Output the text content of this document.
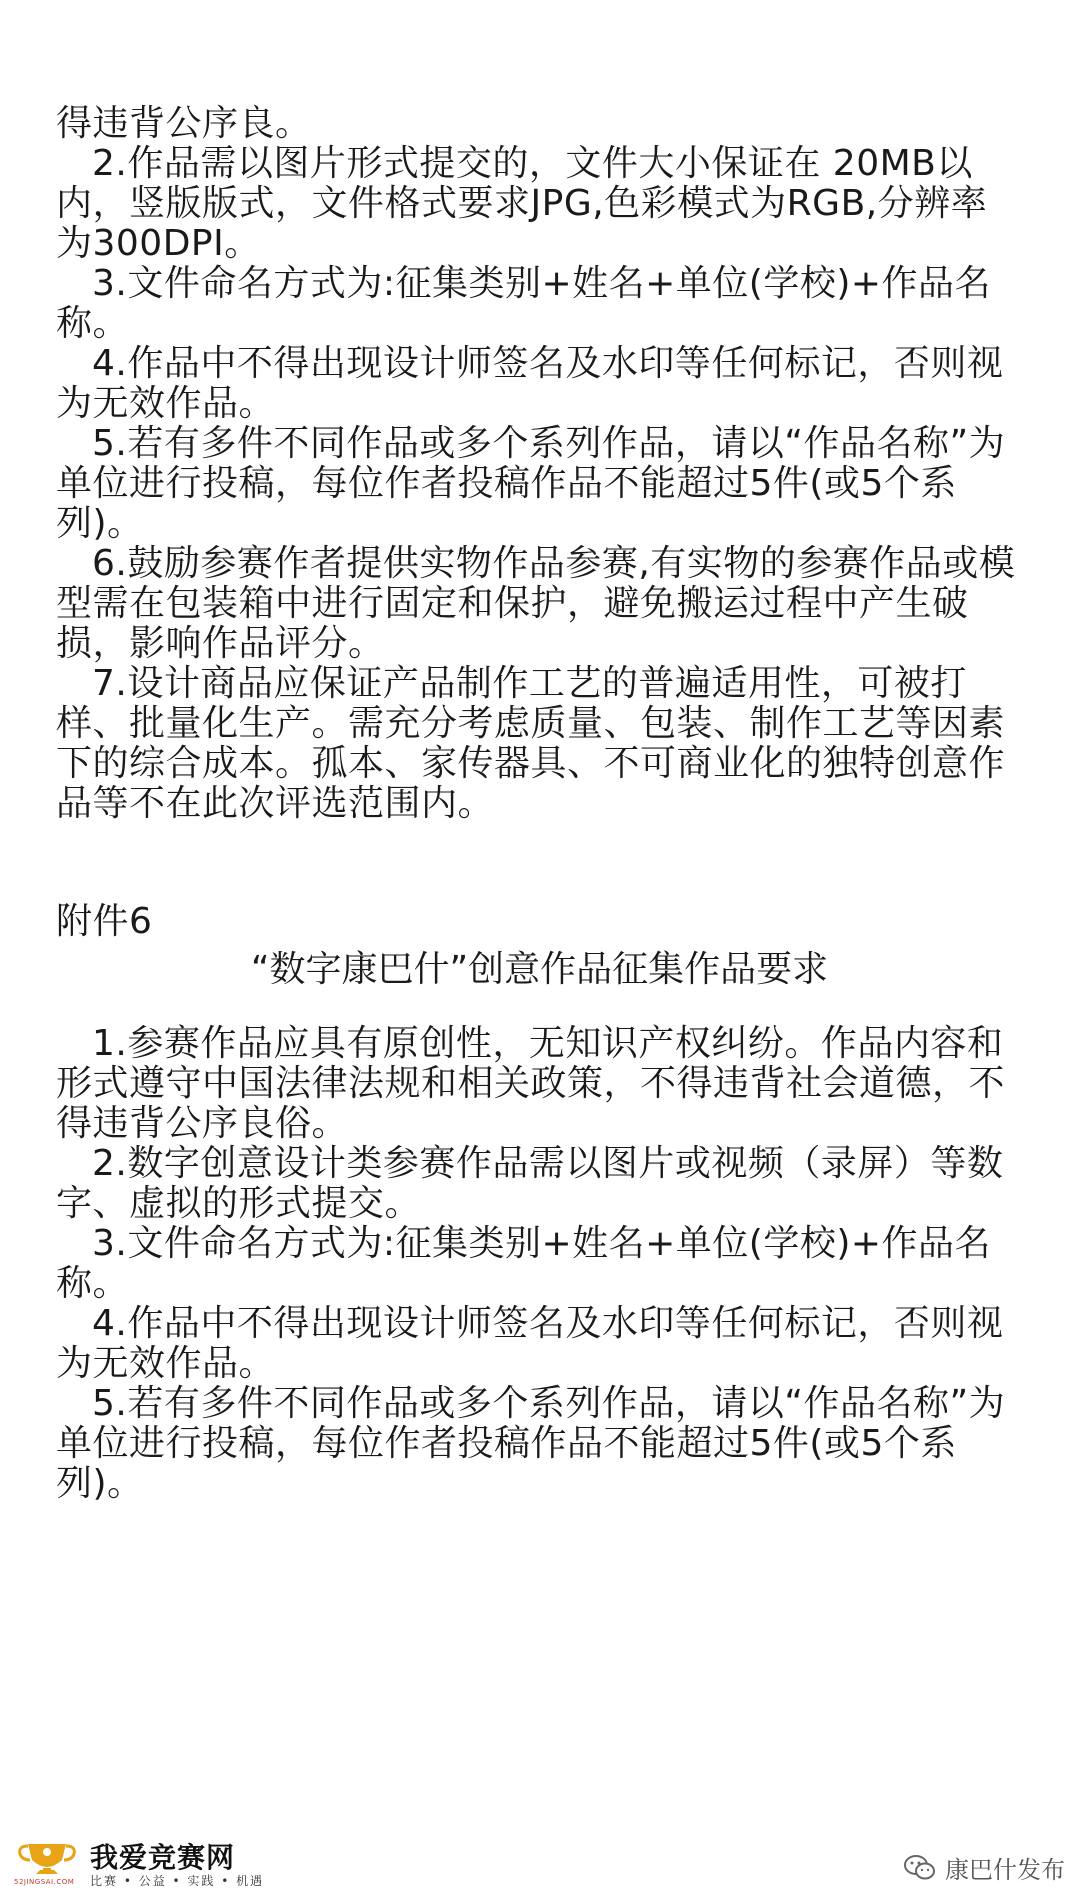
得违背公序良。
2.作品需以图片形式提交的，文件大小保证在 20MB以
内，竖版版式，文件格式要求JPG,色彩模式为RGB,分辨率
为300DPI。
3.文件命名方式为:征集类别+姓名+单位(学校)+作品名
称。
4.作品中不得出现设计师签名及水印等任何标记，否则视
为无效作品。
5.若有多件不同作品或多个系列作品，请以“作品名称”为
单位进行投稿，每位作者投稿作品不能超过5件(或5个系
列)。
6.鼓励参赛作者提供实物作品参赛,有实物的参赛作品或模
型需在包装箱中进行固定和保护，避免搬运过程中产生破
损，影响作品评分。
7.设计商品应保证产品制作工艺的普遍适用性，可被打
样、批量化生产。需充分考虑质量、包装、制作工艺等因素
下的综合成本。孤本、家传器具、不可商业化的独特创意作
品等不在此次评选范围内。
附件6
“数字康巴什”创意作品征集作品要求
1.参赛作品应具有原创性，无知识产权纠纷。作品内容和
形式遵守中国法律法规和相关政策，不得违背社会道德，不
得违背公序良俗。
2.数字创意设计类参赛作品需以图片或视频（录屏）等数
字、虚拟的形式提交。
3.文件命名方式为:征集类别+姓名+单位(学校)+作品名
称。
4.作品中不得出现设计师签名及水印等任何标记，否则视
为无效作品。
5.若有多件不同作品或多个系列作品，请以“作品名称”为
单位进行投稿，每位作者投稿作品不能超过5件(或5个系
列)。
52JINGSAI.COM
我爱竞赛网
比赛 • 公益 • 实践 • 机遇	康巴什发布
